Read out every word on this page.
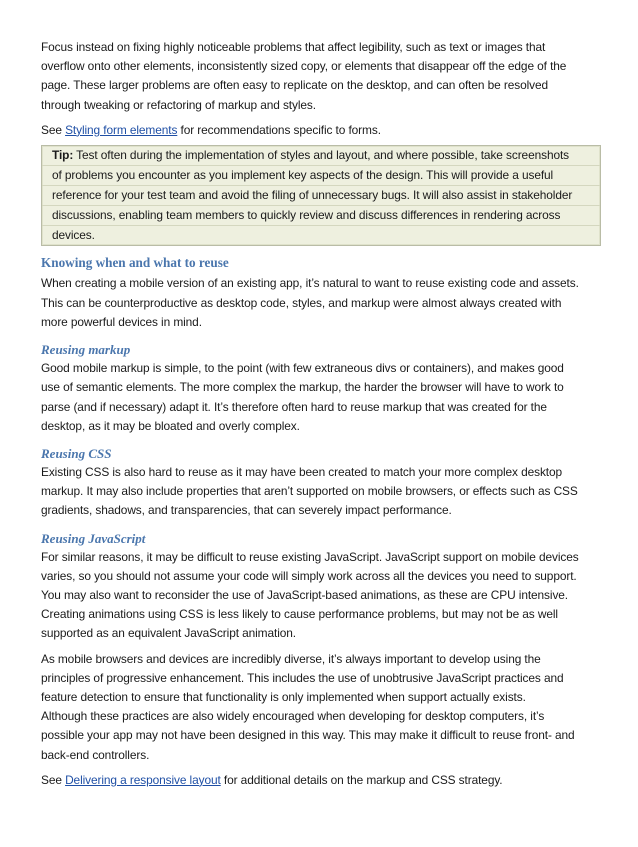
Focus instead on fixing highly noticeable problems that affect legibility, such as text or images that

overflow onto other elements, inconsistently sized copy, or elements that disappear off the edge of the

page. These larger problems are often easy to replicate on the desktop, and can often be resolved

through tweaking or refactoring of markup and styles.

See Styling form elements for recommendations specific to forms.

Tip: Test often during the implementation of styles and layout, and where possible, take screenshots
of problems you encounter as you implement key aspects of the design. This will provide a useful
reference for your test team and avoid the filing of unnecessary bugs. It will also assist in stakeholder
discussions, enabling team members to quickly review and discuss differences in rendering across
devices.
Knowing when and what to reuse

When creating a mobile version of an existing app, it’s natural to want to reuse existing code and assets.

This can be counterproductive as desktop code, styles, and markup were almost always created with

more powerful devices in mind.

Reusing markup

Good mobile markup is simple, to the point (with few extraneous divs or containers), and makes good

use of semantic elements. The more complex the markup, the harder the browser will have to work to

parse (and if necessary) adapt it. It’s therefore often hard to reuse markup that was created for the

desktop, as it may be bloated and overly complex.

Reusing CSS

Existing CSS is also hard to reuse as it may have been created to match your more complex desktop

markup. It may also include properties that aren’t supported on mobile browsers, or effects such as CSS

gradients, shadows, and transparencies, that can severely impact performance.

Reusing JavaScript

For similar reasons, it may be difficult to reuse existing JavaScript. JavaScript support on mobile devices

varies, so you should not assume your code will simply work across all the devices you need to support.

You may also want to reconsider the use of JavaScript-based animations, as these are CPU intensive.

Creating animations using CSS is less likely to cause performance problems, but may not be as well

supported as an equivalent JavaScript animation.

As mobile browsers and devices are incredibly diverse, it’s always important to develop using the

principles of progressive enhancement. This includes the use of unobtrusive JavaScript practices and

feature detection to ensure that functionality is only implemented when support actually exists.

Although these practices are also widely encouraged when developing for desktop computers, it’s

possible your app may not have been designed in this way. This may make it difficult to reuse front- and

back-end controllers.

See Delivering a responsive layout for additional details on the markup and CSS strategy.
